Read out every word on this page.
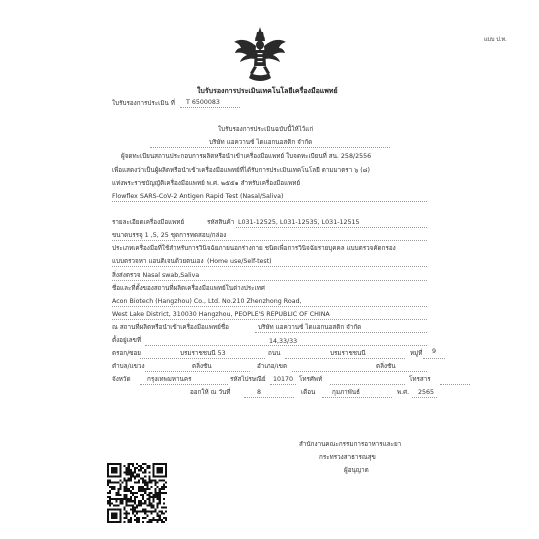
แบบ ป.ท.
ใบรับรองการประเมินเทคโนโลยีเครื่องมือแพทย์
ใบรับรองการประเมิน ที่ T 6500083
ใบรับรองการประเมินฉบับนี้ให้ไว้แก่
บริษัท แอควานซ์ ไดแอกนอสติก จำกัด
ผู้จดทะเบียนสถานประกอบการผลิตหรือนำเข้าเครื่องมือแพทย์ ใบจดทะเบียนที่ สน. 258/2556
เพื่อแสดงว่าเป็นผู้ผลิตหรือนำเข้าเครื่องมือแพทย์ที่ได้รับการประเมินเทคโนโลยี ตามมาตรา ๖ (๘)
แห่งพระราชบัญญัติเครื่องมือแพทย์ พ.ศ. ๒๕๕๑ สำหรับเครื่องมือแพทย์
Flowflex SARS-CoV-2 Antigen Rapid Test (Nasal/Saliva)
รายละเอียดเครื่องมือแพทย์	รหัสสินค้า L031-12525, L031-12535, L031-12515
ขนาดบรรจุ 1 ,5, 25 ชุดการทดสอบ/กล่อง
ประเภทเครื่องมือที่ใช้สำหรับการวินิจฉัยภายนอกร่างกาย ชนิดเพื่อการวินิจฉัยรายบุคคล แบบตรวจคัดกรอง
แบบตรวจหา แอนติเจนด้วยตนเอง (Home use/Self-test)
สิ่งส่งตรวจ Nasal swab,Saliva
ชื่อและที่ตั้งของสถานที่ผลิตเครื่องมือแพทย์ในต่างประเทศ
Acon Biotech (Hangzhou) Co., Ltd. No.210 Zhenzhong Road,
West Lake District, 310030 Hangzhou, PEOPLE'S REPUBLIC OF CHINA
ณ สถานที่ผลิตหรือนำเข้าเครื่องมือแพทย์ชื่อ	บริษัท แอควานซ์ ไดแอกนอสติก จำกัด
ตั้งอยู่เลขที่	14,33/33
ตรอก/ซอย	บรมราชชนนี 53	ถนน	บรมราชชนนี	หมู่ที่ 9
ตำบล/แขวง	ตลิ่งชัน	อำเภอ/เขต	ตลิ่งชัน
จังหวัด	กรุงเทพมหานคร	รหัสไปรษณีย์ 10170 โทรศัพท์	โทรสาร
ออกให้ ณ วันที่	8	เดือน	กุมภาพันธ์	พ.ศ. 2565
สำนักงานคณะกรรมการอาหารและยา
กระทรวงสาธารณสุข
ผู้อนุญาต
